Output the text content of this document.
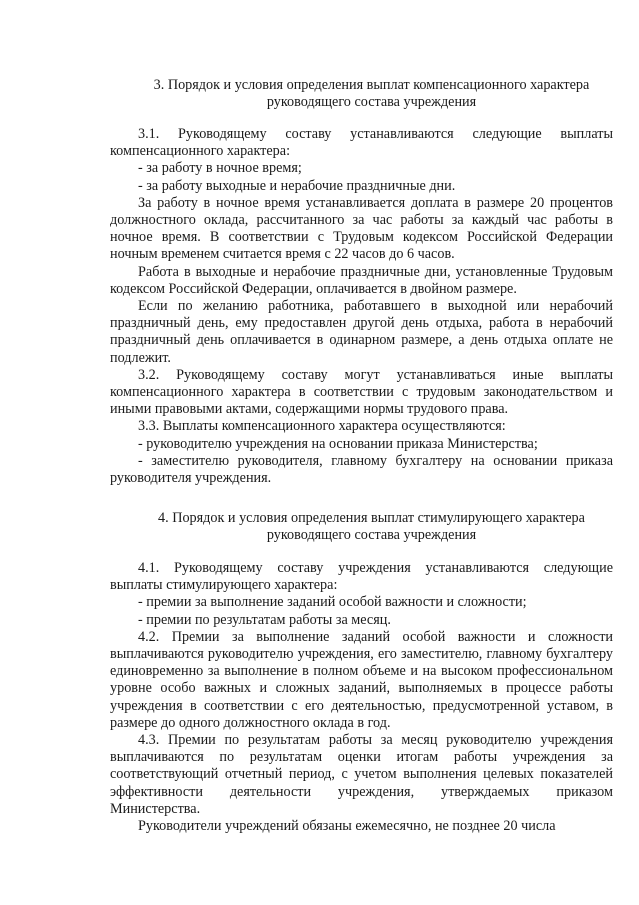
3. Порядок и условия определения выплат компенсационного характера руководящего состава учреждения

3.1. Руководящему составу устанавливаются следующие выплаты компенсационного характера:

- за работу в ночное время;

- за работу выходные и нерабочие праздничные дни.

За работу в ночное время устанавливается доплата в размере 20 процентов должностного оклада, рассчитанного за час работы за каждый час работы в ночное время. В соответствии с Трудовым кодексом Российской Федерации ночным временем считается время с 22 часов до 6 часов.

Работа в выходные и нерабочие праздничные дни, установленные Трудовым кодексом Российской Федерации, оплачивается в двойном размере.

Если по желанию работника, работавшего в выходной или нерабочий праздничный день, ему предоставлен другой день отдыха, работа в нерабочий праздничный день оплачивается в одинарном размере, а день отдыха оплате не подлежит.

3.2. Руководящему составу могут устанавливаться иные выплаты компенсационного характера в соответствии с трудовым законодательством и иными правовыми актами, содержащими нормы трудового права.

3.3. Выплаты компенсационного характера осуществляются:

- руководителю учреждения на основании приказа Министерства;

- заместителю руководителя, главному бухгалтеру на основании приказа руководителя учреждения.

4. Порядок и условия определения выплат стимулирующего характера руководящего состава учреждения

4.1. Руководящему составу учреждения устанавливаются следующие выплаты стимулирующего характера:

- премии за выполнение заданий особой важности и сложности;

- премии по результатам работы за месяц.

4.2. Премии за выполнение заданий особой важности и сложности выплачиваются руководителю учреждения, его заместителю, главному бухгалтеру единовременно за выполнение в полном объеме и на высоком профессиональном уровне особо важных и сложных заданий, выполняемых в процессе работы учреждения в соответствии с его деятельностью, предусмотренной уставом, в размере до одного должностного оклада в год.

4.3. Премии по результатам работы за месяц руководителю учреждения выплачиваются по результатам оценки итогам работы учреждения за соответствующий отчетный период, с учетом выполнения целевых показателей эффективности деятельности учреждения, утверждаемых приказом Министерства.

Руководители учреждений обязаны ежемесячно, не позднее 20 числа
